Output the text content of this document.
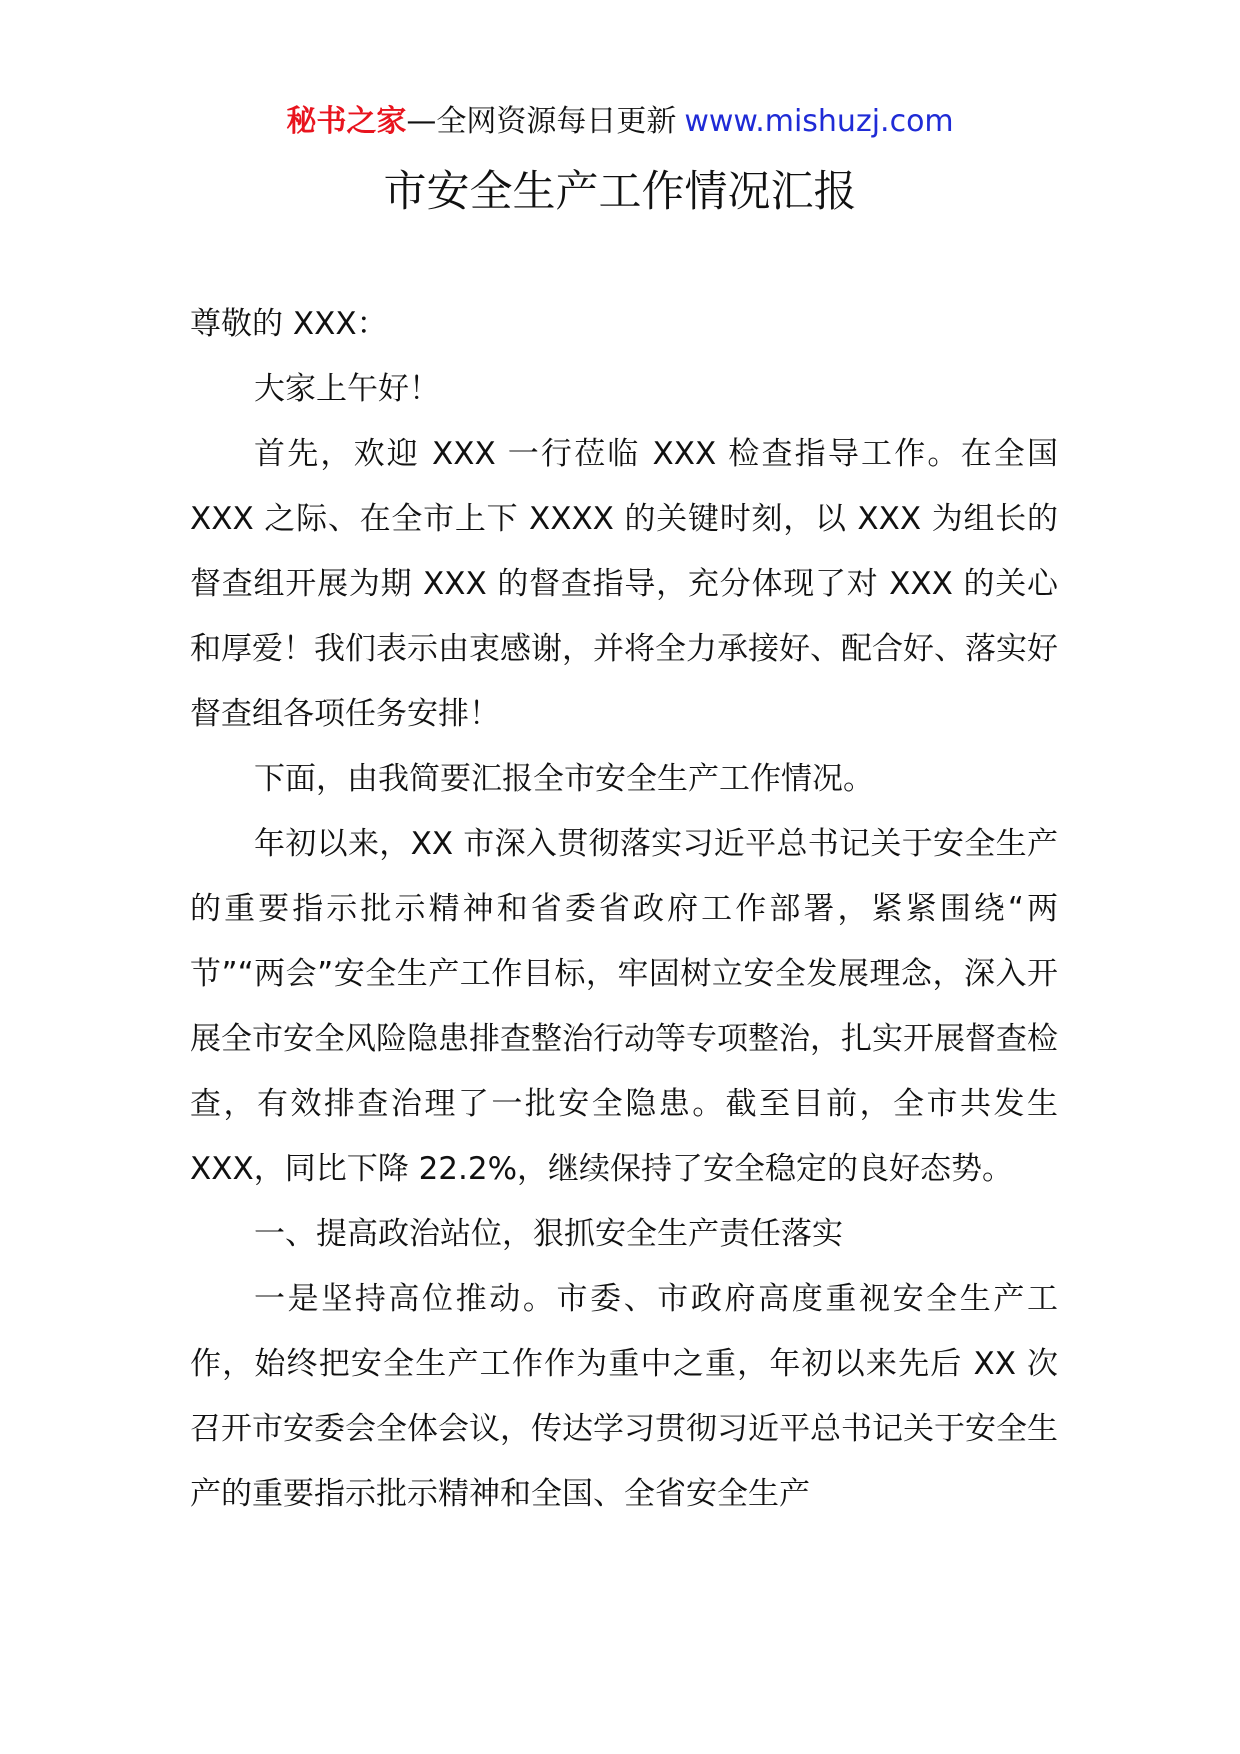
秘书之家—全网资源每日更新 www.mishuzj.com
市安全生产工作情况汇报

尊敬的 XXX：

大家上午好！

首先，欢迎 XXX 一行莅临 XXX 检查指导工作。在全国 XXX 之际、在全市上下 XXXX 的关键时刻，以 XXX 为组长的督查组开展为期 XXX 的督查指导，充分体现了对 XXX 的关心和厚爱！我们表示由衷感谢，并将全力承接好、配合好、落实好督查组各项任务安排！

下面，由我简要汇报全市安全生产工作情况。

年初以来，XX 市深入贯彻落实习近平总书记关于安全生产的重要指示批示精神和省委省政府工作部署，紧紧围绕“两节”“两会”安全生产工作目标，牢固树立安全发展理念，深入开展全市安全风险隐患排查整治行动等专项整治，扎实开展督查检查，有效排查治理了一批安全隐患。截至目前，全市共发生 XXX，同比下降 22.2%，继续保持了安全稳定的良好态势。

一、提高政治站位，狠抓安全生产责任落实

一是坚持高位推动。市委、市政府高度重视安全生产工作，始终把安全生产工作作为重中之重，年初以来先后 XX 次召开市安委会全体会议，传达学习贯彻习近平总书记关于安全生产的重要指示批示精神和全国、全省安全生产
